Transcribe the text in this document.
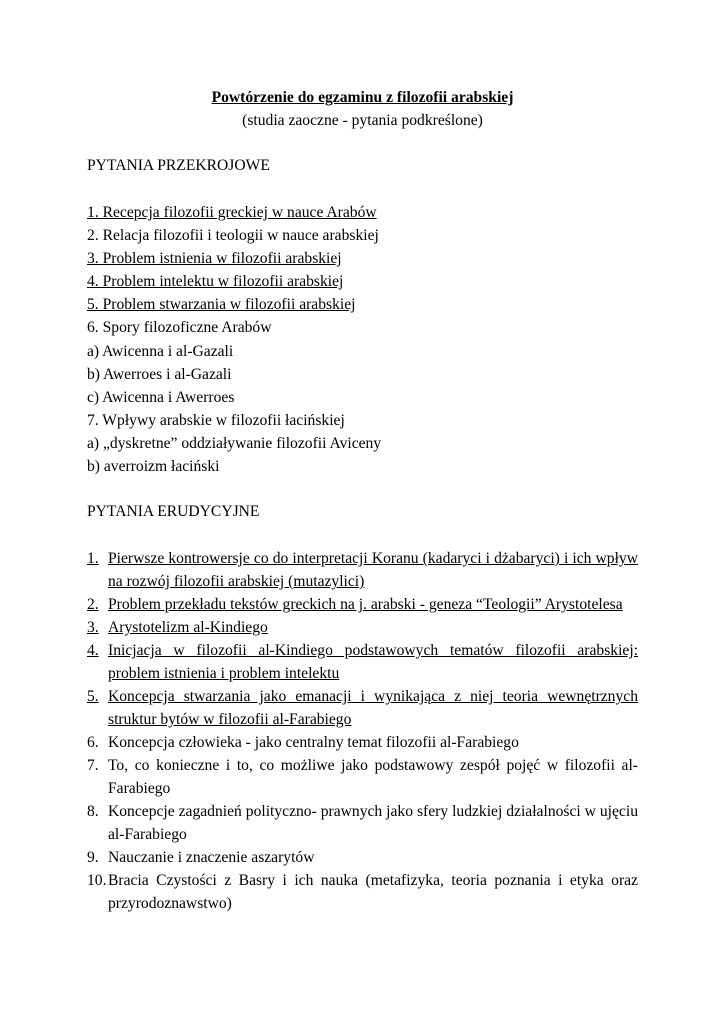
Powtórzenie do egzaminu z filozofii arabskiej
(studia zaoczne - pytania podkreślone)
PYTANIA PRZEKROJOWE
1. Recepcja filozofii greckiej w nauce Arabów
2. Relacja filozofii i teologii w nauce arabskiej
3. Problem istnienia w filozofii arabskiej
4. Problem intelektu w filozofii arabskiej
5. Problem stwarzania w filozofii arabskiej
6. Spory filozoficzne Arabów
a) Awicenna i al-Gazali
b) Awerroes i al-Gazali
c) Awicenna i Awerroes
7. Wpływy arabskie w filozofii łacińskiej
a) „dyskretne” oddziaływanie filozofii Aviceny
b) averroizm łaciński
PYTANIA ERUDYCYJNE
1. Pierwsze kontrowersje co do interpretacji Koranu (kadaryci i dżabaryci) i ich wpływ na rozwój filozofii arabskiej (mutazylici)
2. Problem przekładu tekstów greckich na j. arabski - geneza “Teologii” Arystotelesa
3. Arystotelizm al-Kindiego
4. Inicjacja w filozofii al-Kindiego podstawowych tematów filozofii arabskiej: problem istnienia i problem intelektu
5. Koncepcja stwarzania jako emanacji i wynikająca z niej teoria wewnętrznych struktur bytów w filozofii al-Farabiego
6. Koncepcja człowieka - jako centralny temat filozofii al-Farabiego
7. To, co konieczne i to, co możliwe jako podstawowy zespół pojęć w filozofii al-Farabiego
8. Koncepcje zagadnień polityczno- prawnych jako sfery ludzkiej działalności w ujęciu al-Farabiego
9. Nauczanie i znaczenie aszarytów
10. Bracia Czystości z Basry i ich nauka (metafizyka, teoria poznania i etyka oraz przyrodoznawstwo)
